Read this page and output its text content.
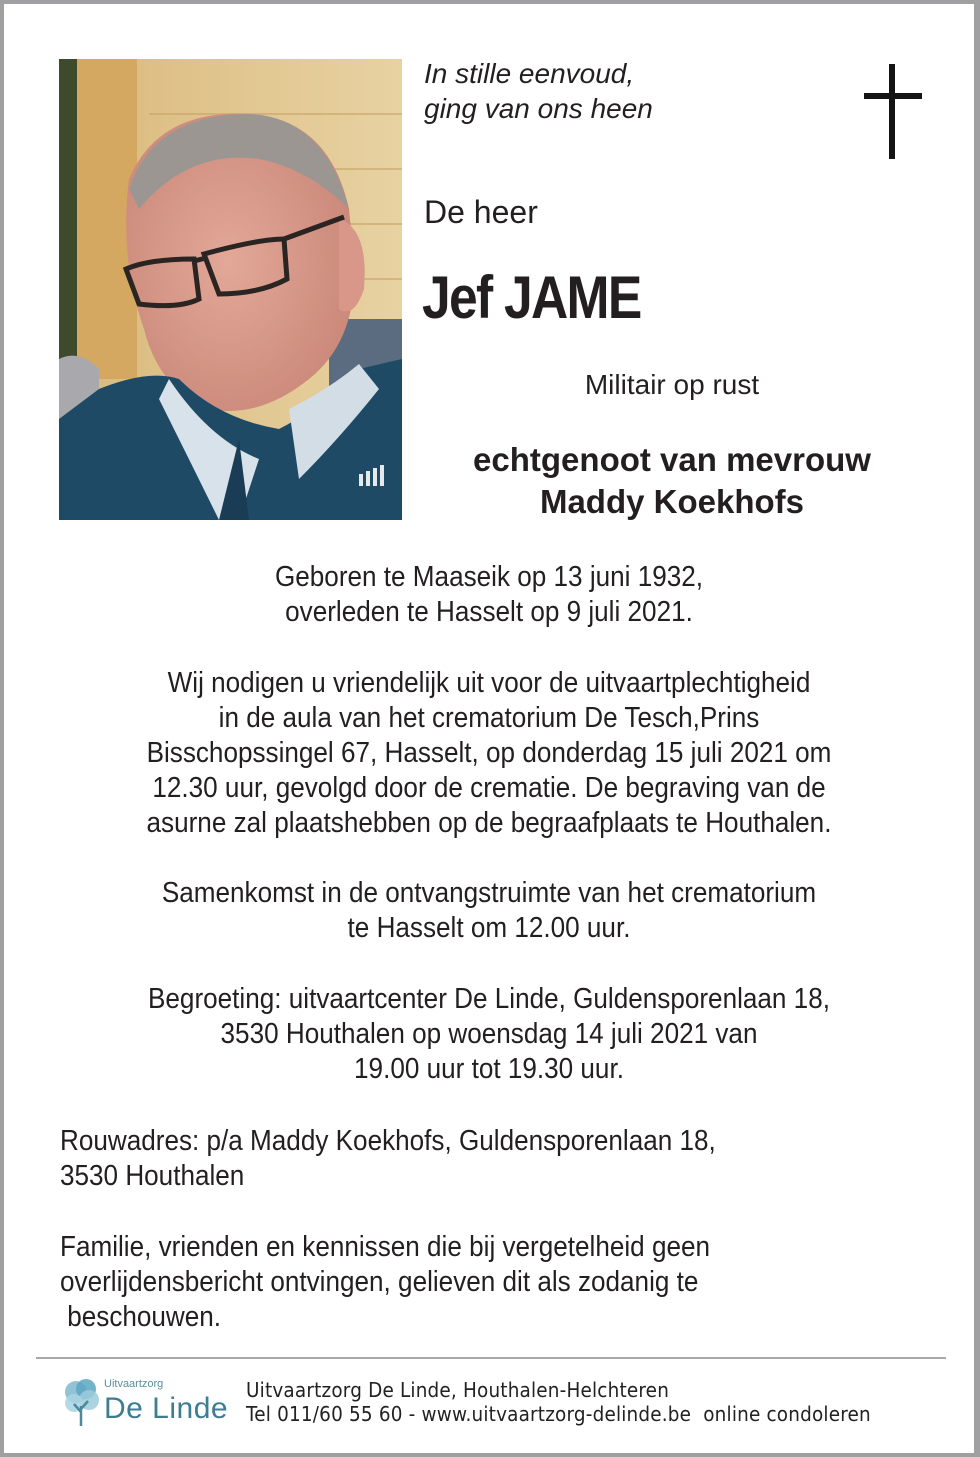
In stille eenvoud,
ging van ons heen
De heer
Jef JAME
Militair op rust
echtgenoot van mevrouw
Maddy Koekhofs
Geboren te Maaseik op 13 juni 1932,
overleden te Hasselt op 9 juli 2021.
Wij nodigen u vriendelijk uit voor de uitvaartplechtigheid
in de aula van het crematorium De Tesch,Prins
Bisschopssingel 67, Hasselt, op donderdag 15 juli 2021 om
12.30 uur, gevolgd door de crematie. De begraving van de
asurne zal plaatshebben op de begraafplaats te Houthalen.
Samenkomst in de ontvangstruimte van het crematorium
te Hasselt om 12.00 uur.
Begroeting: uitvaartcenter De Linde, Guldensporenlaan 18,
3530 Houthalen op woensdag 14 juli 2021 van
19.00 uur tot 19.30 uur.
Rouwadres: p/a Maddy Koekhofs, Guldensporenlaan 18,
3530 Houthalen
Familie, vrienden en kennissen die bij vergetelheid geen
overlijdensbericht ontvingen, gelieven dit als zodanig te
beschouwen.
Uitvaartzorg
De Linde
Uitvaartzorg De Linde, Houthalen-Helchteren
Tel 011/60 55 60 - www.uitvaartzorg-delinde.be  online condoleren
